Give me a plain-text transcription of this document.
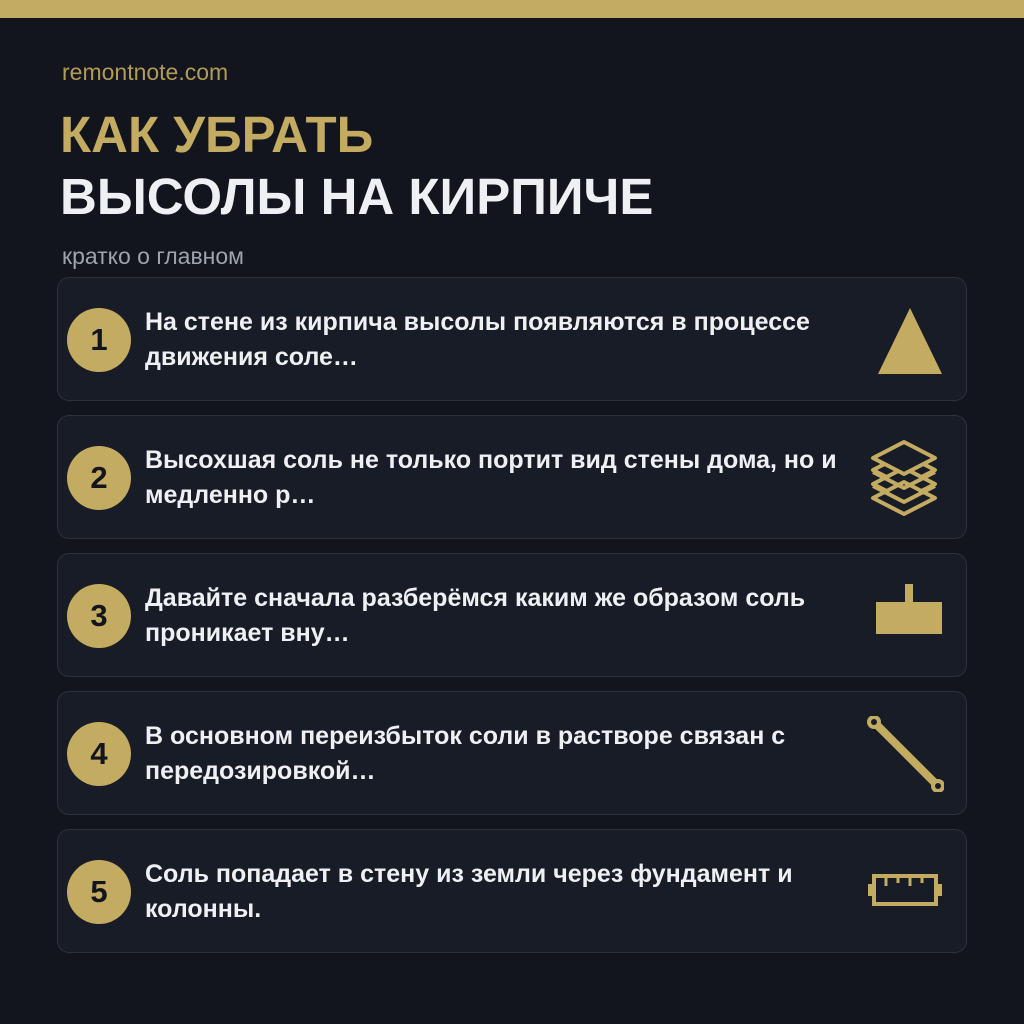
remontnote.com
КАК УБРАТЬ
ВЫСОЛЫ НА КИРПИЧЕ
кратко о главном
1	На стене из кирпича высолы появляются в процессе движения соле…
2	Высохшая соль не только портит вид стены дома, но и медленно р…
3	Давайте сначала разберёмся каким же образом соль проникает вну…
4	В основном переизбыток соли в растворе связан с передозировкой…
5	Соль попадает в стену из земли через фундамент и колонны.
